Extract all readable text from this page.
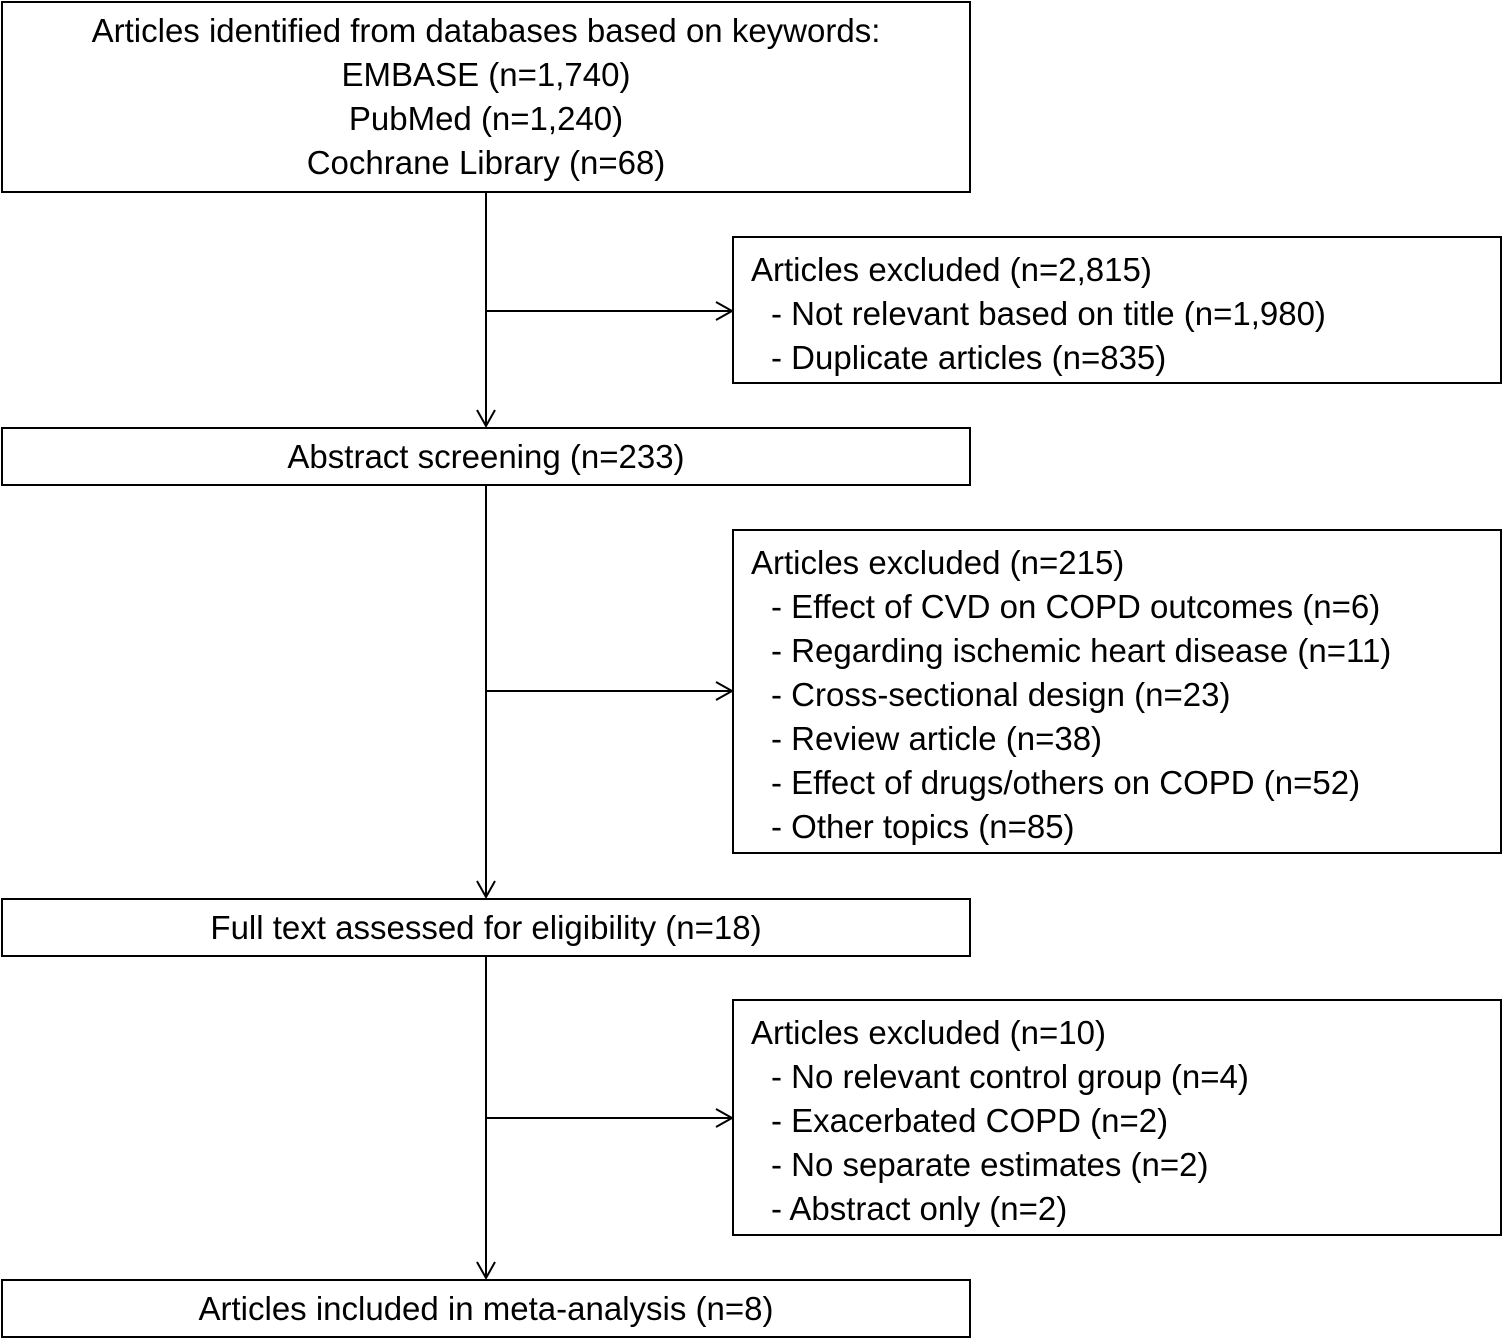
Articles identified from databases based on keywords:
EMBASE (n=1,740)
PubMed (n=1,240)
Cochrane Library (n=68)
Articles excluded (n=2,815)
- Not relevant based on title (n=1,980)
- Duplicate articles (n=835)
Abstract screening (n=233)
Articles excluded (n=215)
- Effect of CVD on COPD outcomes (n=6)
- Regarding ischemic heart disease (n=11)
- Cross-sectional design (n=23)
- Review article (n=38)
- Effect of drugs/others on COPD (n=52)
- Other topics (n=85)
Full text assessed for eligibility (n=18)
Articles excluded (n=10)
- No relevant control group (n=4)
- Exacerbated COPD (n=2)
- No separate estimates (n=2)
- Abstract only (n=2)
Articles included in meta-analysis (n=8)
